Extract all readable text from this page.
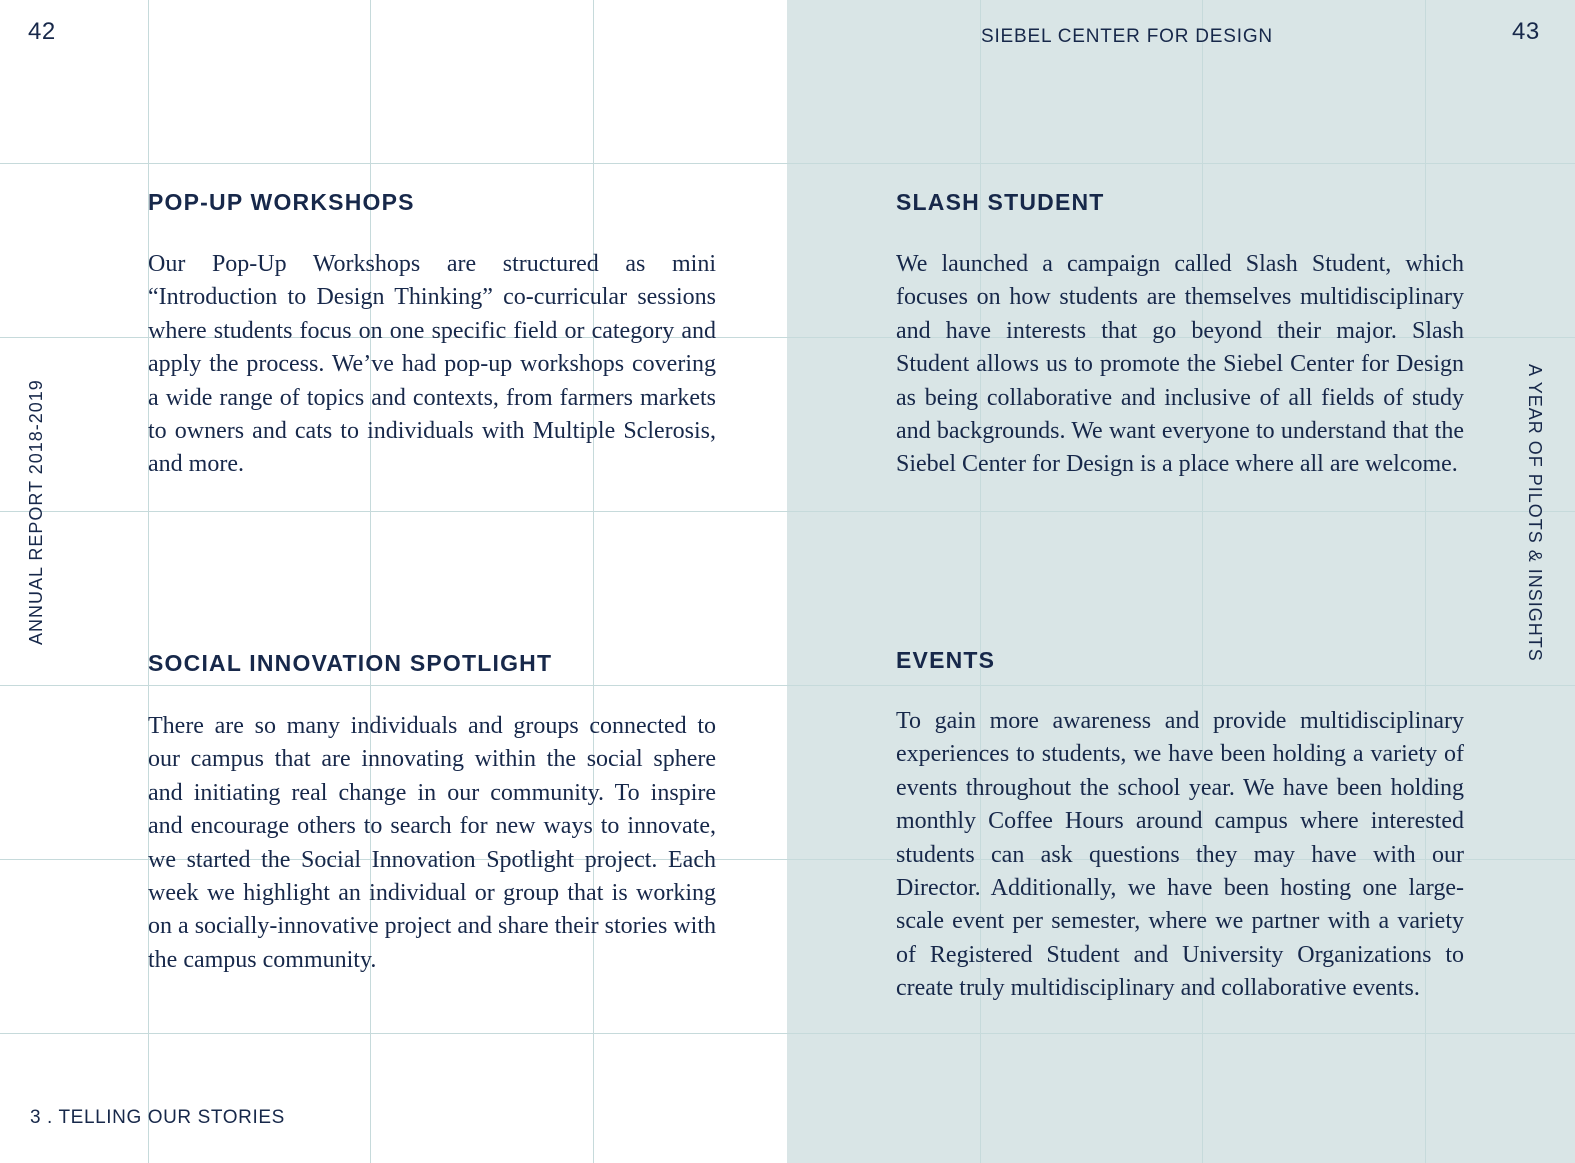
42	43
SIEBEL CENTER FOR DESIGN
ANNUAL REPORT 2018-2019	A YEAR OF PILOTS & INSIGHTS
3 . TELLING OUR STORIES
POP-UP WORKSHOPS

Our Pop-Up Workshops are structured as mini “Introduction to Design Thinking” co-curricular sessions where students focus on one specific field or category and apply the process. We’ve had pop-up workshops covering a wide range of topics and contexts, from farmers markets to owners and cats to individuals with Multiple Sclerosis, and more.

SOCIAL INNOVATION SPOTLIGHT

There are so many individuals and groups connected to our campus that are innovating within the social sphere and initiating real change in our community. To inspire and encourage others to search for new ways to innovate, we started the Social Innovation Spotlight project. Each week we highlight an individual or group that is working on a socially-innovative project and share their stories with the campus community.

SLASH STUDENT

We launched a campaign called Slash Student, which focuses on how students are themselves multidisciplinary and have interests that go beyond their major. Slash Student allows us to promote the Siebel Center for Design as being collaborative and inclusive of all fields of study and backgrounds. We want everyone to understand that the Siebel Center for Design is a place where all are welcome.

EVENTS

To gain more awareness and provide multidisciplinary experiences to students, we have been holding a variety of events throughout the school year. We have been holding monthly Coffee Hours around campus where interested students can ask questions they may have with our Director. Additionally, we have been hosting one large-scale event per semester, where we partner with a variety of Registered Student and University Organizations to create truly multidisciplinary and collaborative events.
